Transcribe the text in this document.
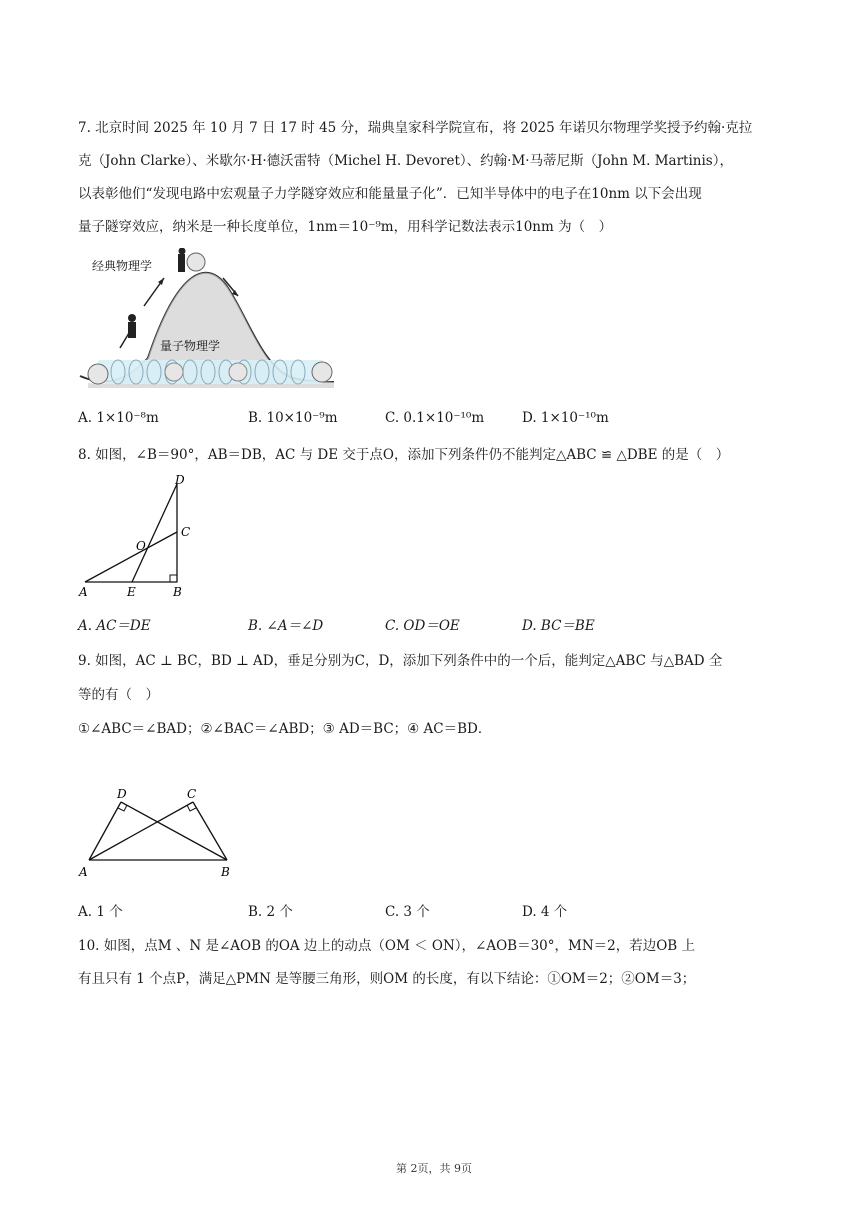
7. 北京时间 2025 年 10 月 7 日 17 时 45 分，瑞典皇家科学院宣布，将 2025 年诺贝尔物理学奖授予约翰·克拉
克（John Clarke）、米歇尔·H·德沃雷特（Michel H. Devoret）、约翰·M·马蒂尼斯（John M. Martinis），
以表彰他们“发现电路中宏观量子力学隧穿效应和能量量子化”．已知半导体中的电子在10nm 以下会出现
量子隧穿效应，纳米是一种长度单位，1nm＝10⁻⁹m，用科学记数法表示10nm 为（　）
经典物理学
量子物理学
A. 1×10⁻⁸m	B. 10×10⁻⁹m	C. 0.1×10⁻¹⁰m	D. 1×10⁻¹⁰m
8. 如图，∠B＝90°，AB＝DB，AC 与 DE 交于点O，添加下列条件仍不能判定△ABC ≌ △DBE 的是（　）
D
C
O
A	E	B
A. AC＝DE	B. ∠A＝∠D	C. OD＝OE	D. BC＝BE
9. 如图，AC ⊥ BC，BD ⊥ AD，垂足分别为C，D，添加下列条件中的一个后，能判定△ABC 与△BAD 全
等的有（　）
①∠ABC＝∠BAD；②∠BAC＝∠ABD；③ AD＝BC；④ AC＝BD．
D	C
A	B
A. 1 个	B. 2 个	C. 3 个	D. 4 个
10. 如图，点M 、N 是∠AOB 的OA 边上的动点（OM ＜ ON），∠AOB＝30°，MN＝2，若边OB 上
有且只有 1 个点P，满足△PMN 是等腰三角形，则OM 的长度，有以下结论：①OM＝2；②OM＝3；
第 2页，共 9页
